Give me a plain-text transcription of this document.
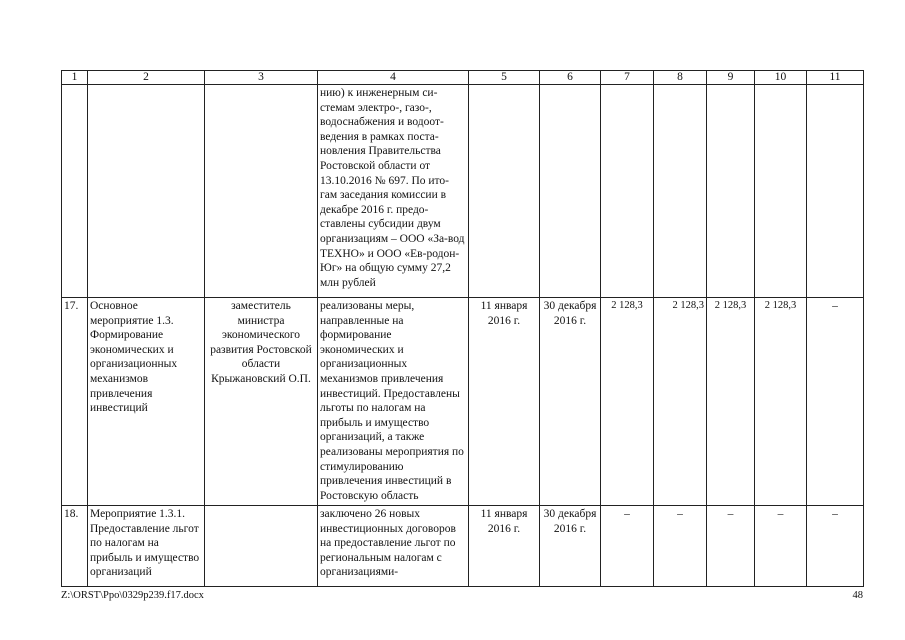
1	2	3	4	5	6	7	8	9	10	11
			нию) к инженерным си-стемам электро-, газо-, водоснабжения и водоот-ведения в рамках поста-новления Правительства Ростовской области от 13.10.2016 № 697. По ито-гам заседания комиссии в декабре 2016 г. предо-ставлены субсидии двум организациям – ООО «За-вод ТЕХНО» и ООО «Ев-родон-Юг» на общую сумму 27,2 млн рублей							
17.	Основное мероприятие 1.3. Формирование экономических и организационных механизмов привлечения инвестиций	заместитель министра экономического развития Ростовской области Крыжановский О.П.	реализованы меры, направленные на формирование экономических и организационных механизмов привлечения инвестиций. Предоставлены льготы по налогам на прибыль и имущество организаций, а также реализованы мероприятия по стимулированию привлечения инвестиций в Ростовскую область	11 января 2016 г.	30 декабря 2016 г.	2 128,3	2 128,3	2 128,3	2 128,3	–
18.	Мероприятие 1.3.1. Предоставление льгот по налогам на прибыль и имущество организаций		заключено 26 новых инвестиционных договоров на предоставление льгот по региональным налогам с организациями-	11 января 2016 г.	30 декабря 2016 г.	–	–	–	–	–
Z:\ORST\Ppo\0329p239.f17.docx	48
